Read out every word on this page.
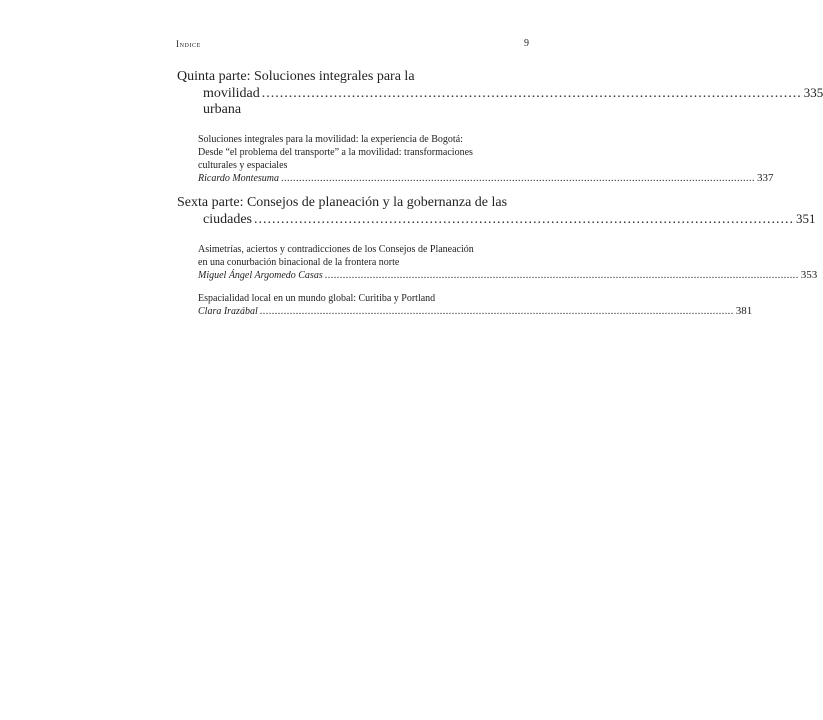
Indice	9
Quinta parte: Soluciones integrales para la
movilidad urbana
........................................................................................................................ 335
Soluciones integrales para la movilidad: la experiencia de Bogotá:
Desde “el problema del transporte” a la movilidad: transformaciones
culturales y espaciales
Ricardo Montesuma .............................................................................................................................................................. 337
Sexta parte: Consejos de planeación y la gobernanza de las
ciudades ........................................................................................................................ 351
Asimetrías, aciertos y contradicciones de los Consejos de Planeación
en una conurbación binacional de la frontera norte
Miguel Ángel Argomedo Casas .............................................................................................................................................................. 353
Espacialidad local en un mundo global: Curitiba y Portland
Clara Irazábal .............................................................................................................................................................. 381
